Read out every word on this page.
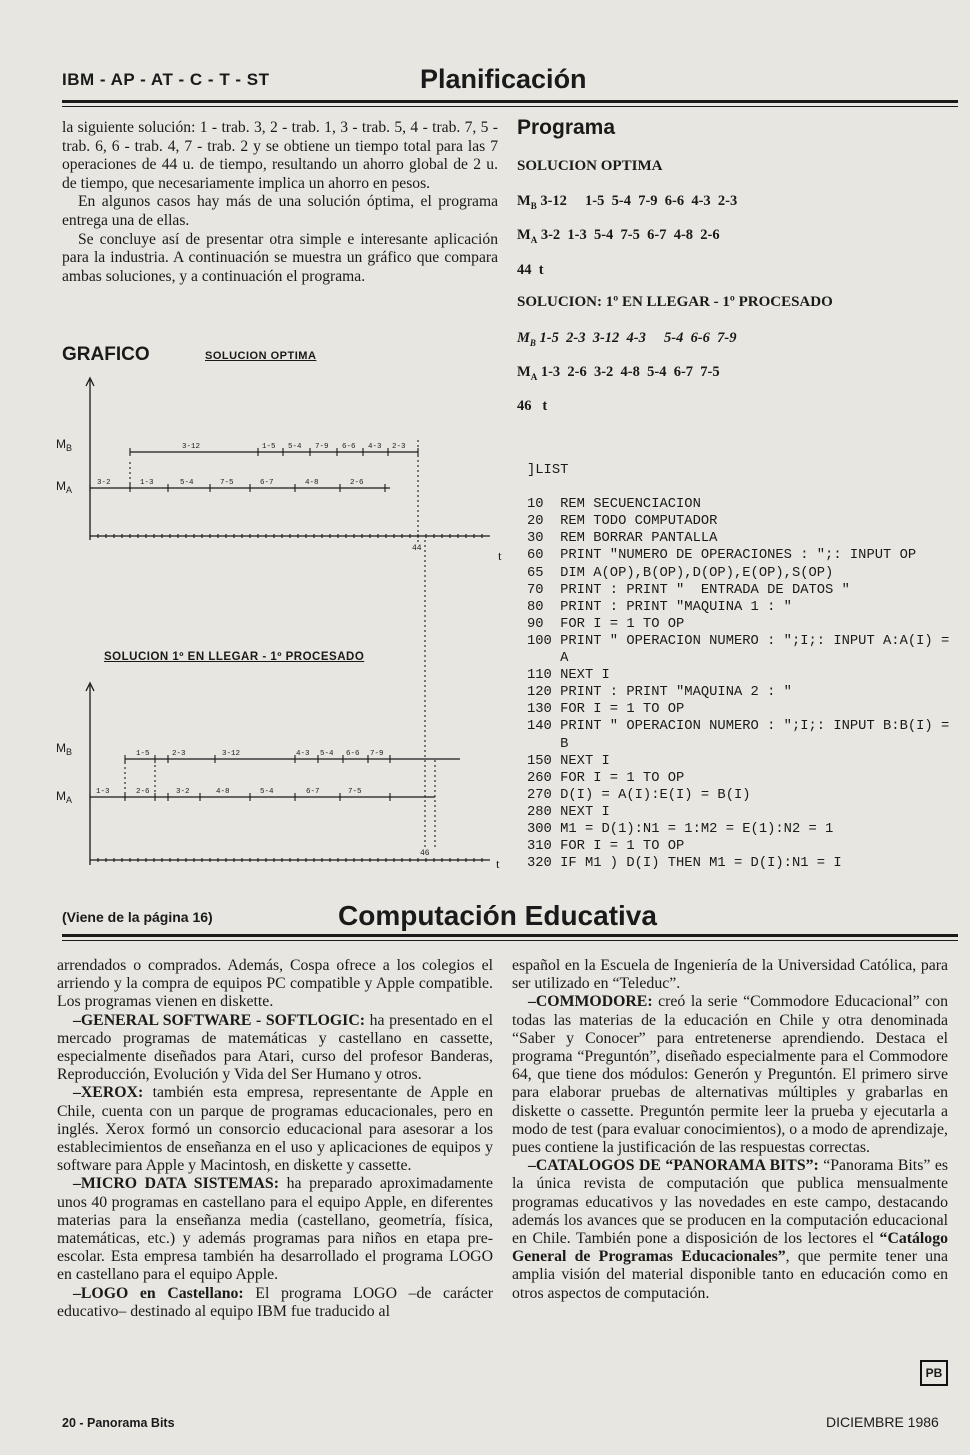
IBM - AP - AT - C - T - ST	Planificación

la siguiente solución: 1 - trab. 3, 2 - trab. 1, 3 - trab. 5, 4 - trab. 7, 5 - trab. 6, 6 - trab. 4, 7 - trab. 2 y se obtiene un tiempo total para las 7 operaciones de 44 u. de tiempo, resultando un ahorro global de 2 u. de tiempo, que necesariamente implica un ahorro en pesos.

En algunos casos hay más de una solución óptima, el programa entrega una de ellas.

Se concluye así de presentar otra simple e interesante aplicación para la industria. A continuación se muestra un gráfico que compara ambas soluciones, y a continuación el programa.

GRAFICO
$M_B$
$M_A$
$M_B$
$M_A$
3-12	1-5 5-4 7-9 6-6 4-3 2-3
3-2	1-3	5-4	7-5	6-7	4-8	2-6
1-5	2-3	3-12	4-3 5-4 6-6 7-9
1-3	2-6	3-2	4-8	5-4	6-7	7-5
44
46
t
t
SOLUCION OPTIMA
SOLUCION 1º EN LLEGAR - 1º PROCESADO
Programa
SOLUCION OPTIMA
$M_B$ 3-12     1-5  5-4  7-9  6-6  4-3  2-3
$M_A$ 3-2  1-3  5-4  7-5  6-7  4-8  2-6
44  t
SOLUCION: 1º EN LLEGAR - 1º PROCESADO
$M_B$ 1-5  2-3  3-12  4-3     5-4  6-6  7-9
$M_A$ 1-3  2-6  3-2  4-8  5-4  6-7  7-5
46   t
]LIST

10  REM SECUENCIACION
20  REM TODO COMPUTADOR
30  REM BORRAR PANTALLA
60  PRINT "NUMERO DE OPERACIONES : ";: INPUT OP
65  DIM A(OP),B(OP),D(OP),E(OP),S(OP)
70  PRINT : PRINT "  ENTRADA DE DATOS "
80  PRINT : PRINT "MAQUINA 1 : "
90  FOR I = 1 TO OP
100 PRINT " OPERACION NUMERO : ";I;: INPUT A:A(I) =
A
110 NEXT I
120 PRINT : PRINT "MAQUINA 2 : "
130 FOR I = 1 TO OP
140 PRINT " OPERACION NUMERO : ";I;: INPUT B:B(I) =
B
150 NEXT I
260 FOR I = 1 TO OP
270 D(I) = A(I):E(I) = B(I)
280 NEXT I
300 M1 = D(1):N1 = 1:M2 = E(1):N2 = 1
310 FOR I = 1 TO OP
320 IF M1 ) D(I) THEN M1 = D(I):N1 = I
(Viene de la página 16)	Computación Educativa

arrendados o comprados. Además, Cospa ofrece a los colegios el arriendo y la compra de equipos PC compatible y Apple compatible. Los programas vienen en diskette.

–GENERAL SOFTWARE - SOFTLOGIC: ha presentado en el mercado programas de matemáticas y castellano en cassette, especialmente diseñados para Atari, curso del profesor Banderas, Reproducción, Evolución y Vida del Ser Humano y otros.

–XEROX: también esta empresa, representante de Apple en Chile, cuenta con un parque de programas educacionales, pero en inglés. Xerox formó un consorcio educacional para asesorar a los establecimientos de enseñanza en el uso y aplicaciones de equipos y software para Apple y Macintosh, en diskette y cassette.

–MICRO DATA SISTEMAS: ha preparado aproximadamente unos 40 programas en castellano para el equipo Apple, en diferentes materias para la enseñanza media (castellano, geometría, física, matemáticas, etc.) y además programas para niños en etapa pre-escolar. Esta empresa también ha desarrollado el programa LOGO en castellano para el equipo Apple.

–LOGO en Castellano: El programa LOGO –de carácter educativo– destinado al equipo IBM fue traducido al

español en la Escuela de Ingeniería de la Universidad Católica, para ser utilizado en “Teleduc”.

–COMMODORE: creó la serie “Commodore Educacional” con todas las materias de la educación en Chile y otra denominada “Saber y Conocer” para entretenerse aprendiendo. Destaca el programa “Preguntón”, diseñado especialmente para el Commodore 64, que tiene dos módulos: Generón y Preguntón. El primero sirve para elaborar pruebas de alternativas múltiples y grabarlas en diskette o cassette. Preguntón permite leer la prueba y ejecutarla a modo de test (para evaluar conocimientos), o a modo de aprendizaje, pues contiene la justificación de las respuestas correctas.

–CATALOGOS DE “PANORAMA BITS”: “Panorama Bits” es la única revista de computación que publica mensualmente programas educativos y las novedades en este campo, destacando además los avances que se producen en la computación educacional en Chile. También pone a disposición de los lectores el “Catálogo General de Programas Educacionales”, que permite tener una amplia visión del material disponible tanto en educación como en otros aspectos de computación.

PB
20 - Panorama Bits	DICIEMBRE 1986
